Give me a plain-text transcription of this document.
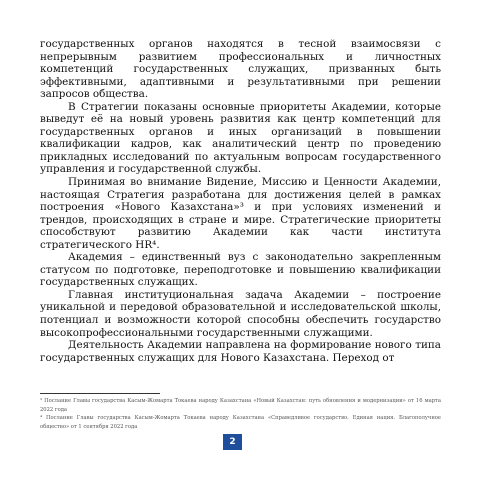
государственных органов находятся в тесной взаимосвязи с непрерывным развитием профессиональных и личностных компетенций государственных служащих, призванных быть эффективными, адаптивными и результативными при решении запросов общества.

В Стратегии показаны основные приоритеты Академии, которые выведут её на новый уровень развития как центр компетенций для государственных органов и иных организаций в повышении квалификации кадров, как аналитический центр по проведению прикладных исследований по актуальным вопросам государственного управления и государственной службы.

Принимая во внимание Видение, Миссию и Ценности Академии, настоящая Стратегия разработана для достижения целей в рамках построения «Нового Казахстана»³ и при условиях изменений и трендов, происходящих в стране и мире. Стратегические приоритеты способствуют развитию Академии как части института стратегического HR⁴.

Академия – единственный вуз с законодательно закрепленным статусом по подготовке, переподготовке и повышению квалификации государственных служащих.

Главная институциональная задача Академии – построение уникальной и передовой образовательной и исследовательской школы, потенциал и возможности которой способны обеспечить государство высокопрофессиональными государственными служащими.

Деятельность Академии направлена на формирование нового типа государственных служащих для Нового Казахстана. Переход от

³ Послание Главы государства Касым-Жомарта Токаева народу Казахстана «Новый Казахстан: путь обновления и модернизации» от 16 марта 2022 года

⁴ Послание Главы государства Касым-Жомарта Токаева народу Казахстана «Справедливое государство. Единая нация. Благополучное общество» от 1 сентября 2022 года

2
